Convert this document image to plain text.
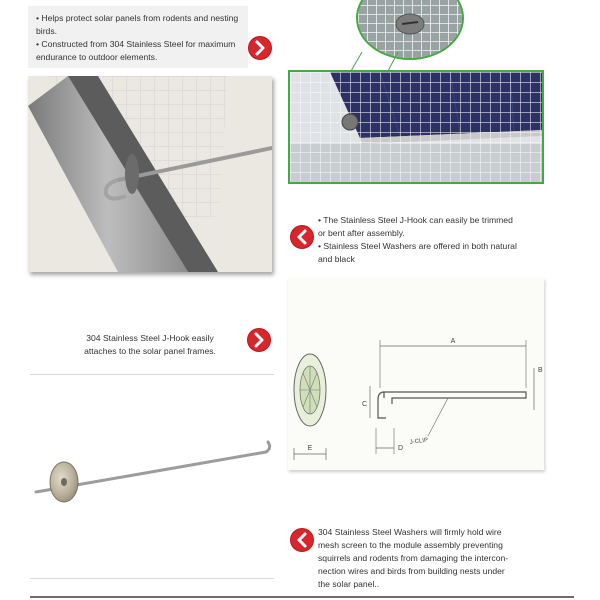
• Helps protect solar panels from rodents and nesting birds.

• Constructed from 304 Stainless Steel for maximum endurance to outdoor elements.

• The Stainless Steel J-Hook can easily be trimmed or bent after assembly.

• Stainless Steel Washers are offered in both natural and black

304 Stainless Steel J-Hook easily

attaches to the solar panel frames.

E
A
B
C
D
J-CLIP

304 Stainless Steel Washers will firmly hold wire

mesh screen to the module assembly preventing

squirrels and rodents from damaging the intercon-

nection wires and birds from building nests under

the solar panel..
